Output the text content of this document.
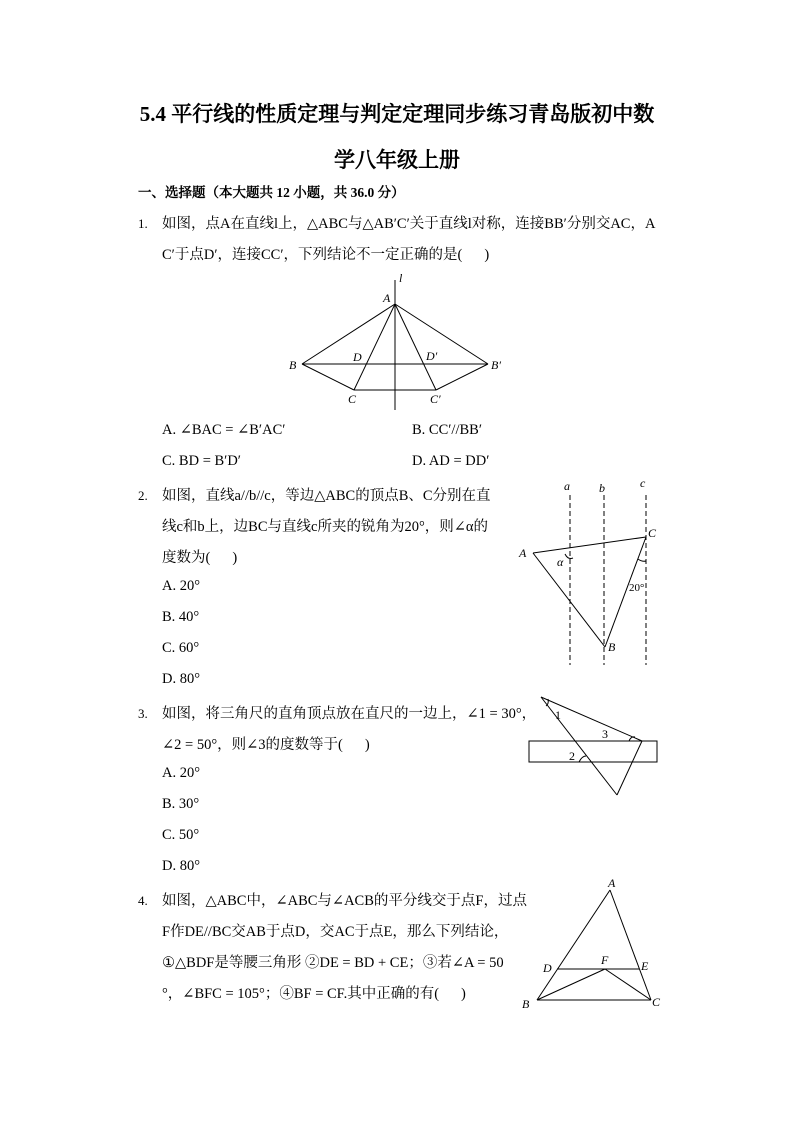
5.4 平行线的性质定理与判定定理同步练习青岛版初中数
学八年级上册
一、选择题（本大题共 12 小题，共 36.0 分）
1. 如图，点A在直线l上，△ABC与△AB′C′关于直线l对称，连接BB′分别交AC，A
C′于点D′，连接CC′，下列结论不一定正确的是( )
l
A
B	B′
D	D′
C	C′
A. ∠BAC = ∠B′AC′	B. CC′//BB′
C. BD = B′D′	D. AD = DD′
2. 如图，直线a//b//c，等边△ABC的顶点B、C分别在直
线c和b上，边BC与直线c所夹的锐角为20°，则∠α的
度数为( )
A. 20°
B. 40°
C. 60°
D. 80°
a b	c
A
C
B
α
20°
3. 如图，将三角尺的直角顶点放在直尺的一边上，∠1 = 30°，
∠2 = 50°，则∠3的度数等于( )
A. 20°
B. 30°
C. 50°
D. 80°
1
3
2
4. 如图，△ABC中，∠ABC与∠ACB的平分线交于点F，过点
F作DE//BC交AB于点D，交AC于点E，那么下列结论，
①△BDF是等腰三角形 ②DE = BD + CE；③若∠A = 50
°，∠BFC = 105°；④BF = CF.其中正确的有( )
A
D
F	E
B	C
